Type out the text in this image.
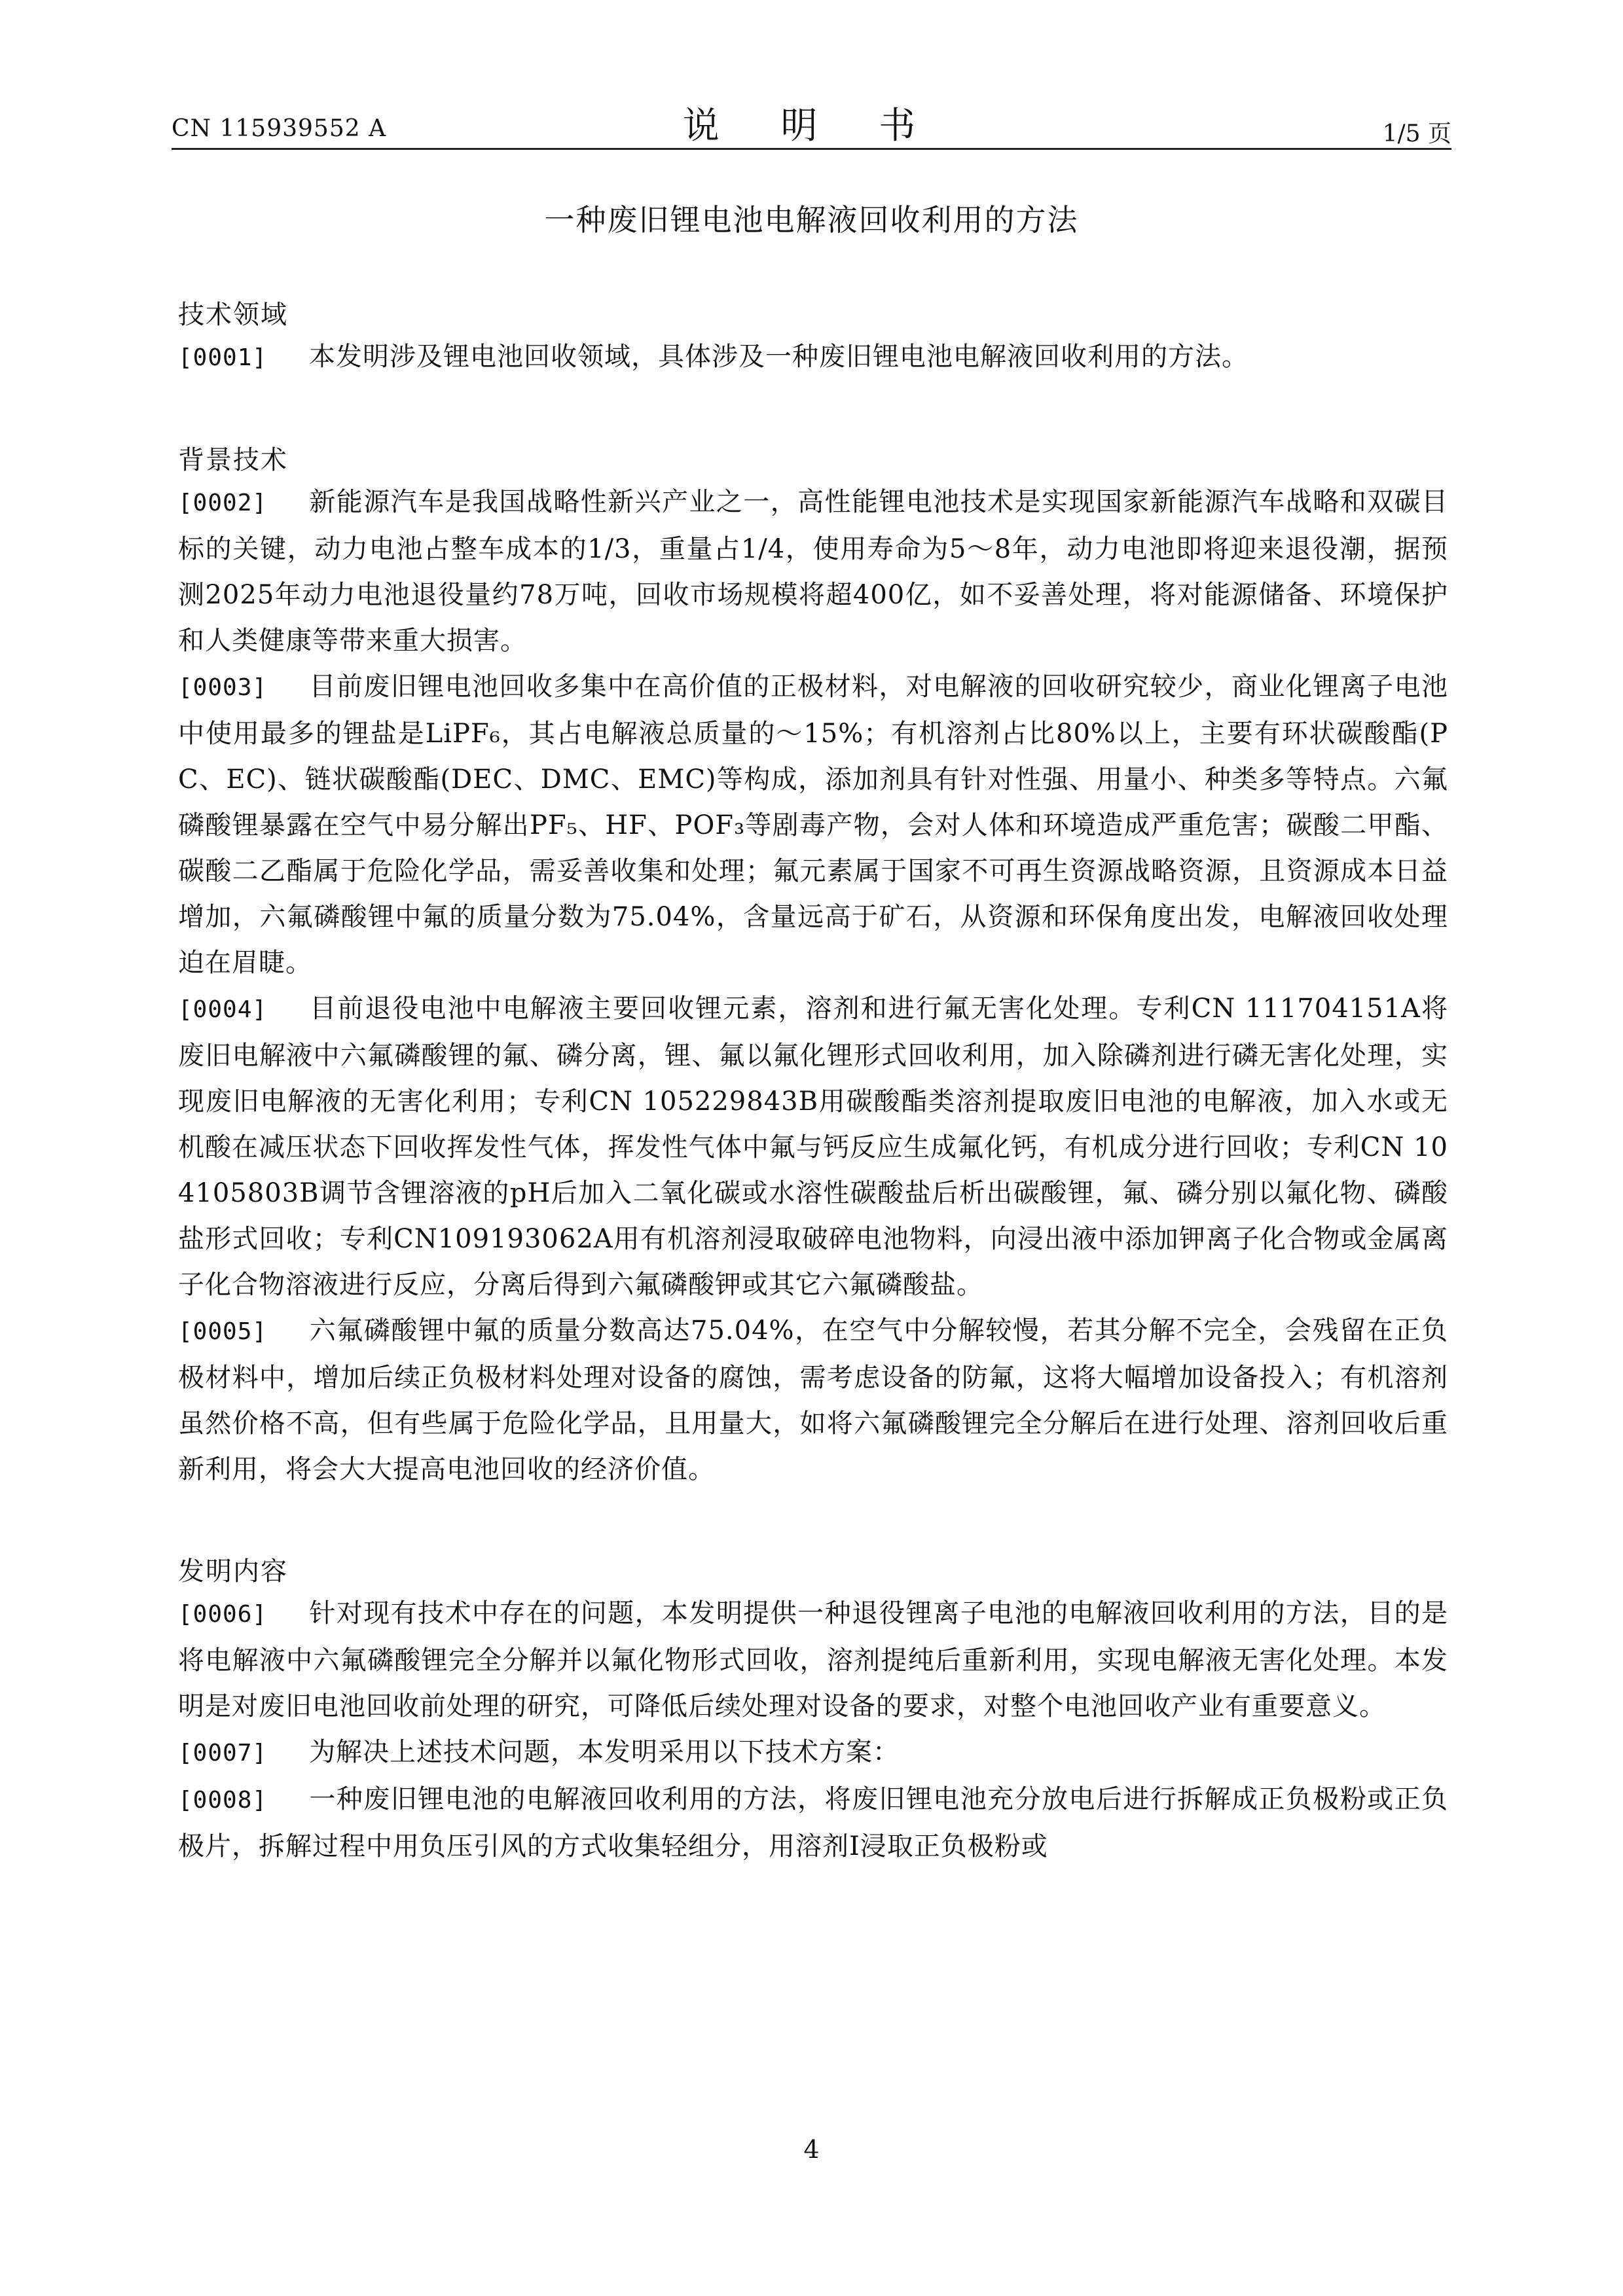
CN 115939552 A	说 明 书	1/5 页
一种废旧锂电池电解液回收利用的方法
技术领域
[0001] 本发明涉及锂电池回收领域，具体涉及一种废旧锂电池电解液回收利用的方法。
背景技术
[0002] 新能源汽车是我国战略性新兴产业之一，高性能锂电池技术是实现国家新能源汽车战略和双碳目标的关键，动力电池占整车成本的1/3，重量占1/4，使用寿命为5～8年，动力电池即将迎来退役潮，据预测2025年动力电池退役量约78万吨，回收市场规模将超400亿，如不妥善处理，将对能源储备、环境保护和人类健康等带来重大损害。
[0003] 目前废旧锂电池回收多集中在高价值的正极材料，对电解液的回收研究较少，商业化锂离子电池中使用最多的锂盐是LiPF₆，其占电解液总质量的～15%；有机溶剂占比80%以上，主要有环状碳酸酯(PC、EC)、链状碳酸酯(DEC、DMC、EMC)等构成，添加剂具有针对性强、用量小、种类多等特点。六氟磷酸锂暴露在空气中易分解出PF₅、HF、POF₃等剧毒产物，会对人体和环境造成严重危害；碳酸二甲酯、碳酸二乙酯属于危险化学品，需妥善收集和处理；氟元素属于国家不可再生资源战略资源，且资源成本日益增加，六氟磷酸锂中氟的质量分数为75.04%，含量远高于矿石，从资源和环保角度出发，电解液回收处理迫在眉睫。
[0004] 目前退役电池中电解液主要回收锂元素，溶剂和进行氟无害化处理。专利CN 111704151A将废旧电解液中六氟磷酸锂的氟、磷分离，锂、氟以氟化锂形式回收利用，加入除磷剂进行磷无害化处理，实现废旧电解液的无害化利用；专利CN 105229843B用碳酸酯类溶剂提取废旧电池的电解液，加入水或无机酸在减压状态下回收挥发性气体，挥发性气体中氟与钙反应生成氟化钙，有机成分进行回收；专利CN 104105803B调节含锂溶液的pH后加入二氧化碳或水溶性碳酸盐后析出碳酸锂，氟、磷分别以氟化物、磷酸盐形式回收；专利CN109193062A用有机溶剂浸取破碎电池物料，向浸出液中添加钾离子化合物或金属离子化合物溶液进行反应，分离后得到六氟磷酸钾或其它六氟磷酸盐。
[0005] 六氟磷酸锂中氟的质量分数高达75.04%，在空气中分解较慢，若其分解不完全，会残留在正负极材料中，增加后续正负极材料处理对设备的腐蚀，需考虑设备的防氟，这将大幅增加设备投入；有机溶剂虽然价格不高，但有些属于危险化学品，且用量大，如将六氟磷酸锂完全分解后在进行处理、溶剂回收后重新利用，将会大大提高电池回收的经济价值。
发明内容
[0006] 针对现有技术中存在的问题，本发明提供一种退役锂离子电池的电解液回收利用的方法，目的是将电解液中六氟磷酸锂完全分解并以氟化物形式回收，溶剂提纯后重新利用，实现电解液无害化处理。本发明是对废旧电池回收前处理的研究，可降低后续处理对设备的要求，对整个电池回收产业有重要意义。
[0007] 为解决上述技术问题，本发明采用以下技术方案：
[0008] 一种废旧锂电池的电解液回收利用的方法，将废旧锂电池充分放电后进行拆解成正负极粉或正负极片，拆解过程中用负压引风的方式收集轻组分，用溶剂I浸取正负极粉或
4
